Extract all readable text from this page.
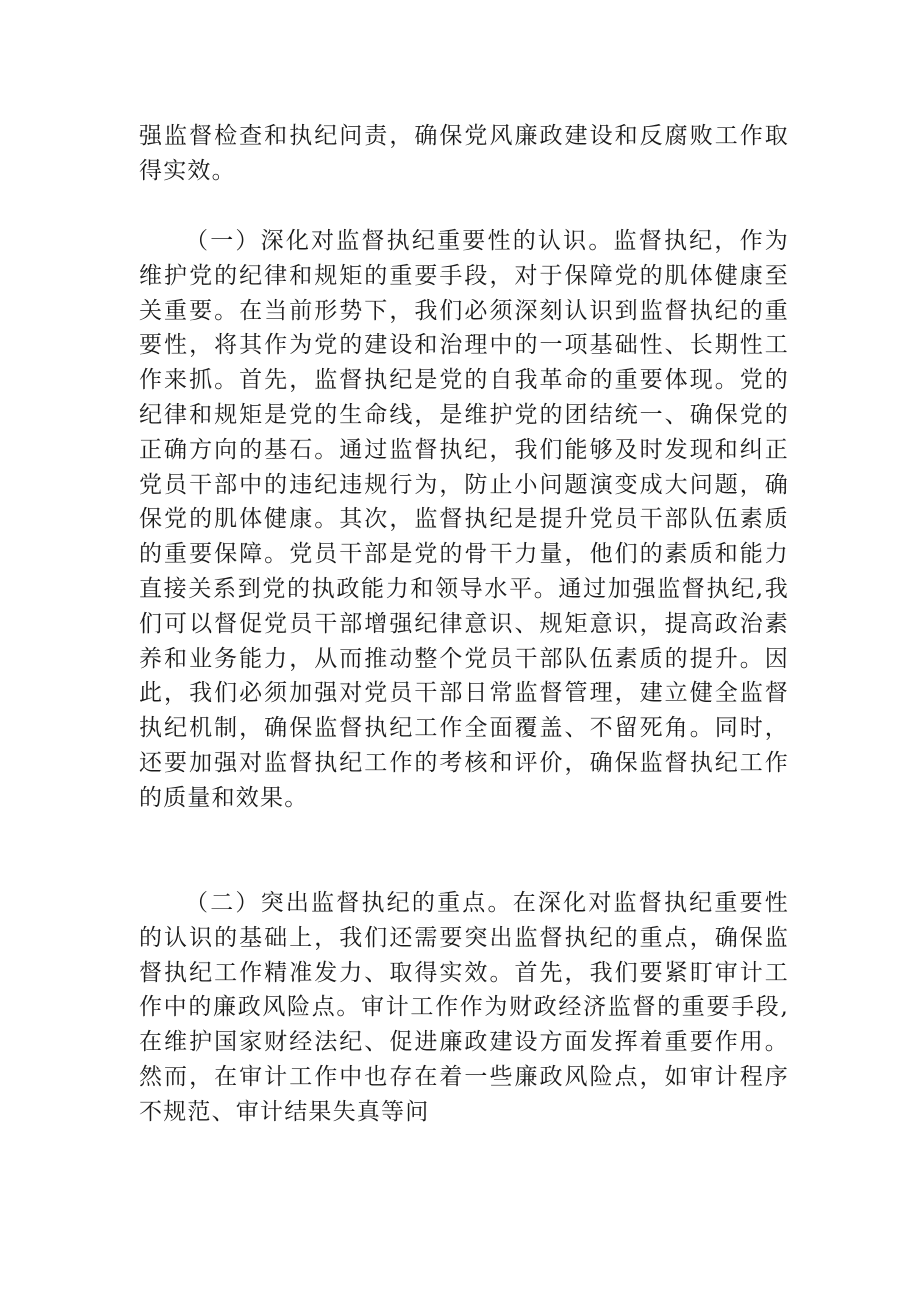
强监督检查和执纪问责，确保党风廉政建设和反腐败工作取得实效。

（一）深化对监督执纪重要性的认识。监督执纪，作为维护党的纪律和规矩的重要手段，对于保障党的肌体健康至关重要。在当前形势下，我们必须深刻认识到监督执纪的重要性，将其作为党的建设和治理中的一项基础性、长期性工作来抓。首先，监督执纪是党的自我革命的重要体现。党的纪律和规矩是党的生命线，是维护党的团结统一、确保党的正确方向的基石。通过监督执纪，我们能够及时发现和纠正党员干部中的违纪违规行为，防止小问题演变成大问题，确保党的肌体健康。其次，监督执纪是提升党员干部队伍素质的重要保障。党员干部是党的骨干力量，他们的素质和能力直接关系到党的执政能力和领导水平。通过加强监督执纪,我们可以督促党员干部增强纪律意识、规矩意识，提高政治素养和业务能力，从而推动整个党员干部队伍素质的提升。因此，我们必须加强对党员干部日常监督管理，建立健全监督执纪机制，确保监督执纪工作全面覆盖、不留死角。同时，还要加强对监督执纪工作的考核和评价，确保监督执纪工作的质量和效果。

（二）突出监督执纪的重点。在深化对监督执纪重要性的认识的基础上，我们还需要突出监督执纪的重点，确保监督执纪工作精准发力、取得实效。首先，我们要紧盯审计工作中的廉政风险点。审计工作作为财政经济监督的重要手段,在维护国家财经法纪、促进廉政建设方面发挥着重要作用。然而，在审计工作中也存在着一些廉政风险点，如审计程序不规范、审计结果失真等问
